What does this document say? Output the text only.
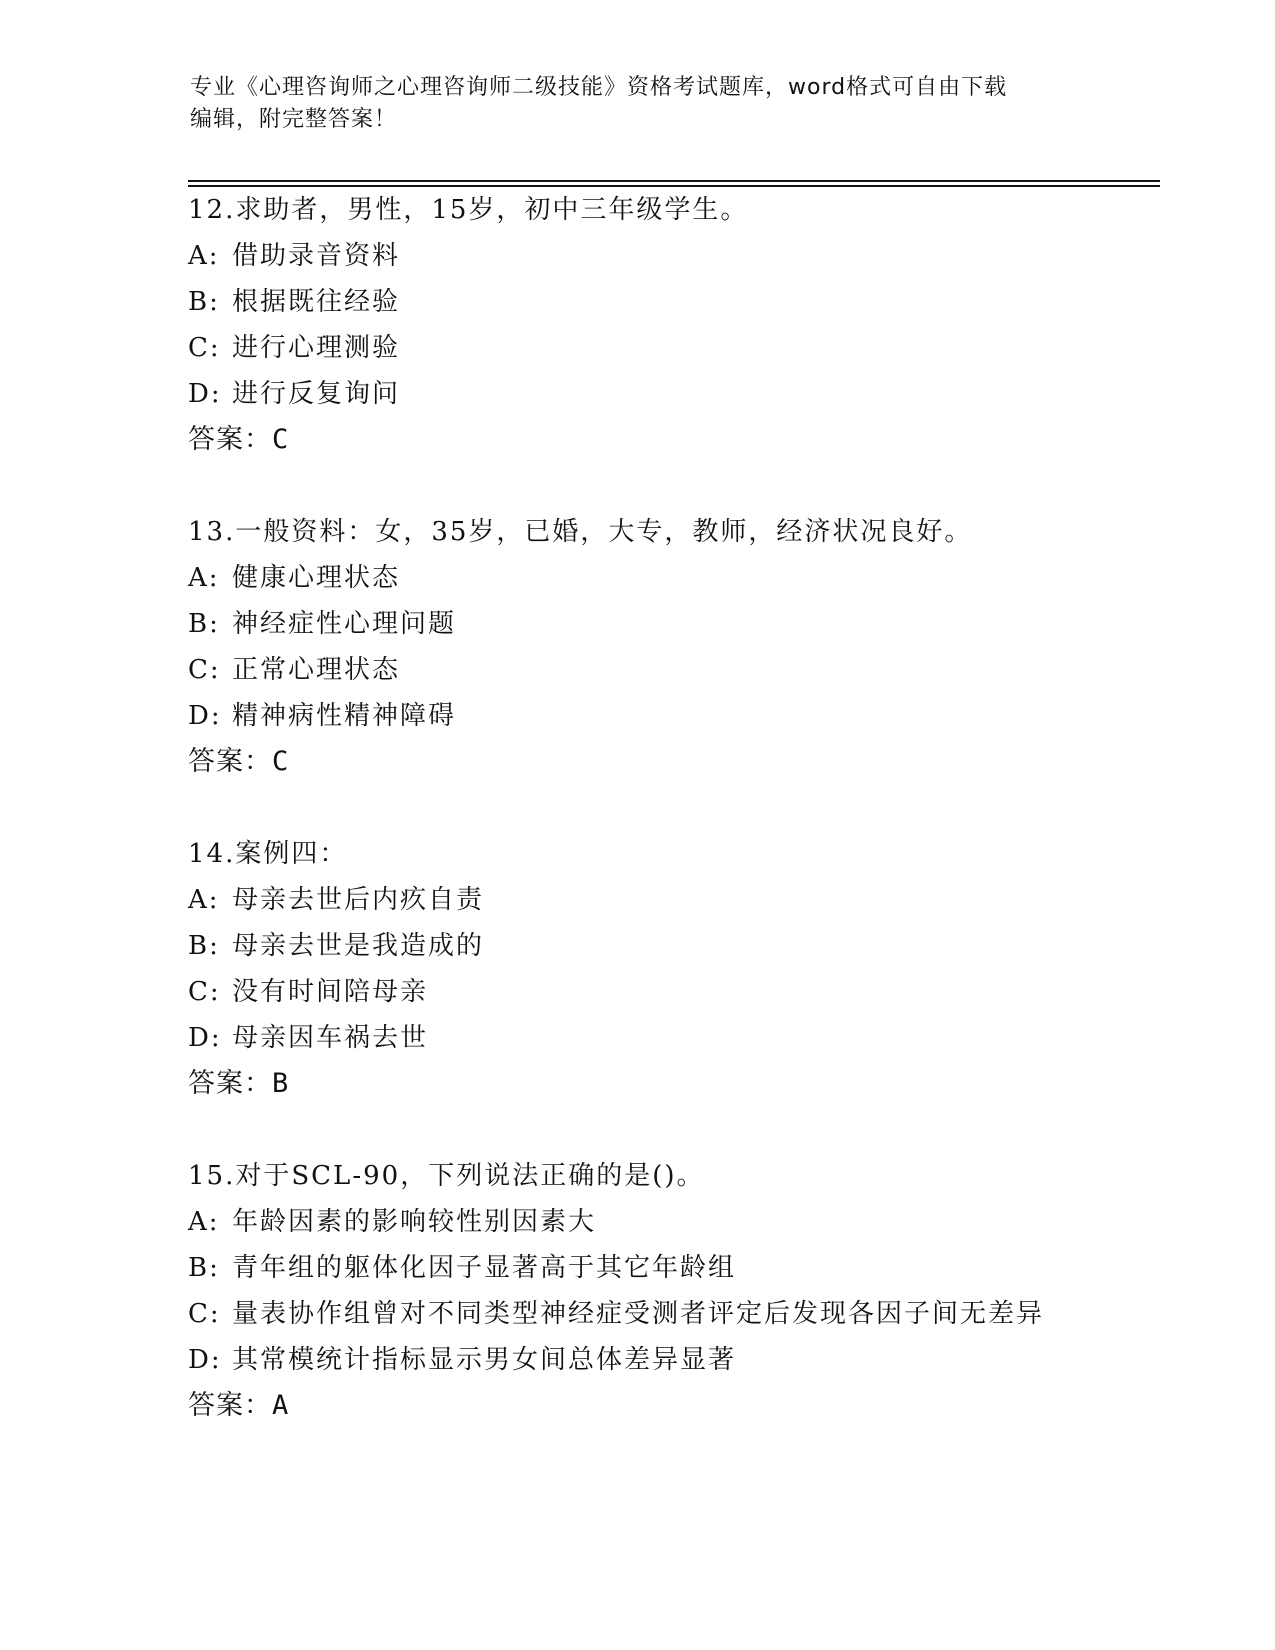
专业《心理咨询师之心理咨询师二级技能》资格考试题库，word格式可自由下载
编辑，附完整答案！
12.求助者，男性，15岁，初中三年级学生。
A: 借助录音资料
B: 根据既往经验
C: 进行心理测验
D: 进行反复询问
答案：C
13.一般资料：女，35岁，已婚，大专，教师，经济状况良好。
A: 健康心理状态
B: 神经症性心理问题
C: 正常心理状态
D: 精神病性精神障碍
答案：C
14.案例四：
A: 母亲去世后内疚自责
B: 母亲去世是我造成的
C: 没有时间陪母亲
D: 母亲因车祸去世
答案：B
15.对于SCL-90，下列说法正确的是()。
A: 年龄因素的影响较性别因素大
B: 青年组的躯体化因子显著高于其它年龄组
C: 量表协作组曾对不同类型神经症受测者评定后发现各因子间无差异
D: 其常模统计指标显示男女间总体差异显著
答案：A
